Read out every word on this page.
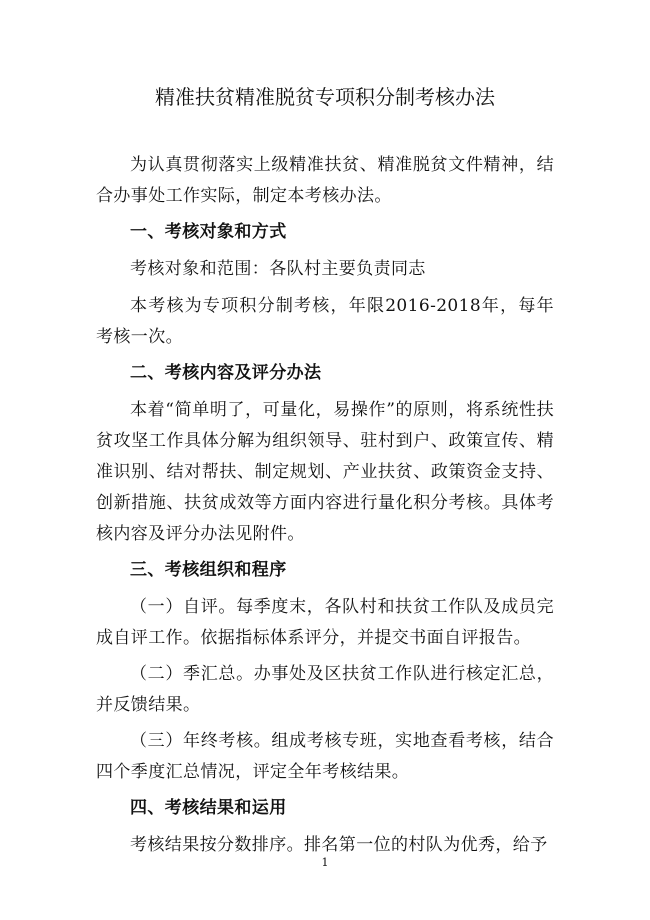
精准扶贫精准脱贫专项积分制考核办法

为认真贯彻落实上级精准扶贫、精准脱贫文件精神，结合办事处工作实际，制定本考核办法。

一、考核对象和方式

考核对象和范围：各队村主要负责同志

本考核为专项积分制考核，年限2016-2018年，每年考核一次。

二、考核内容及评分办法

本着“简单明了，可量化，易操作”的原则，将系统性扶贫攻坚工作具体分解为组织领导、驻村到户、政策宣传、精准识别、结对帮扶、制定规划、产业扶贫、政策资金支持、创新措施、扶贫成效等方面内容进行量化积分考核。具体考核内容及评分办法见附件。

三、考核组织和程序

（一）自评。每季度末，各队村和扶贫工作队及成员完成自评工作。依据指标体系评分，并提交书面自评报告。

（二）季汇总。办事处及区扶贫工作队进行核定汇总，并反馈结果。

（三）年终考核。组成考核专班，实地查看考核，结合四个季度汇总情况，评定全年考核结果。

四、考核结果和运用

考核结果按分数排序。排名第一位的村队为优秀，给予

1
